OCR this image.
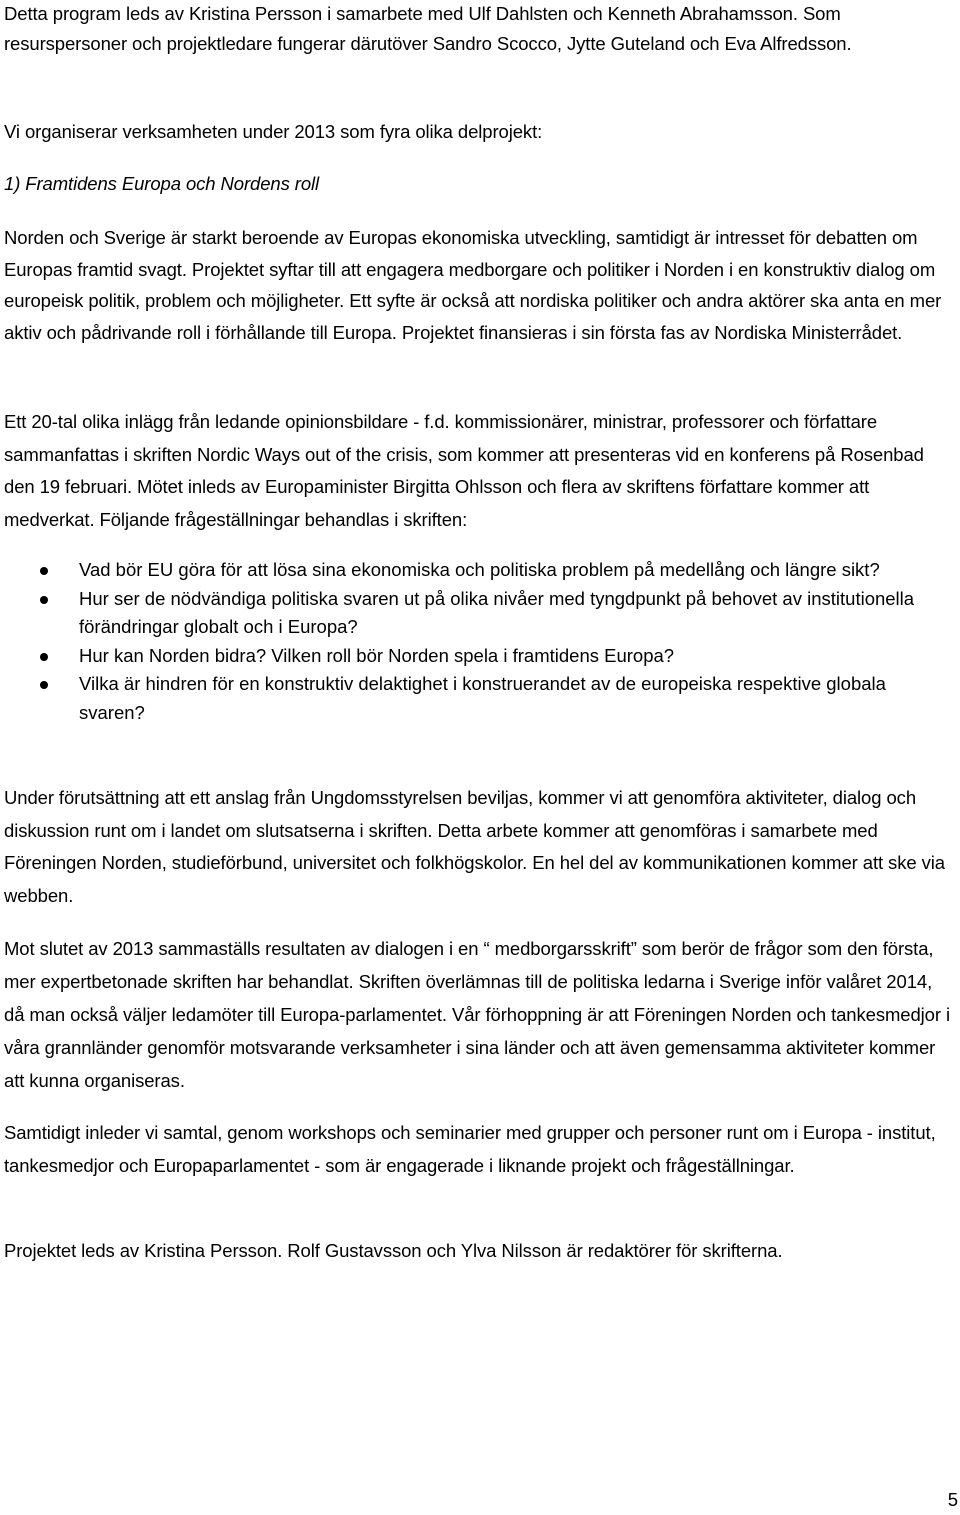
Detta program leds av Kristina Persson i samarbete med Ulf Dahlsten och Kenneth Abrahamsson. Som resurspersoner och projektledare fungerar därutöver Sandro Scocco, Jytte Guteland och Eva Alfredsson.

Vi organiserar verksamheten under 2013 som fyra olika delprojekt:

1) Framtidens Europa och Nordens roll

Norden och Sverige är starkt beroende av Europas ekonomiska utveckling, samtidigt är intresset för debatten om Europas framtid svagt. Projektet syftar till att engagera medborgare och politiker i Norden i en konstruktiv dialog om europeisk politik, problem och möjligheter. Ett syfte är också att nordiska politiker och andra aktörer ska anta en mer aktiv och pådrivande roll i förhållande till Europa. Projektet finansieras i sin första fas av Nordiska Ministerrådet.

Ett 20-tal olika inlägg från ledande opinionsbildare - f.d. kommissionärer, ministrar, professorer och författare sammanfattas i skriften Nordic Ways out of the crisis, som kommer att presenteras vid en konferens på Rosenbad den 19 februari. Mötet inleds av Europaminister Birgitta Ohlsson och flera av skriftens författare kommer att medverkat. Följande frågeställningar behandlas i skriften:

Vad bör EU göra för att lösa sina ekonomiska och politiska problem på medellång och längre sikt?
Hur ser de nödvändiga politiska svaren ut på olika nivåer med tyngdpunkt på behovet av institutionella förändringar globalt och i Europa?
Hur kan Norden bidra? Vilken roll bör Norden spela i framtidens Europa?
Vilka är hindren för en konstruktiv delaktighet i konstruerandet av de europeiska respektive globala svaren?

Under förutsättning att ett anslag från Ungdomsstyrelsen beviljas, kommer vi att genomföra aktiviteter, dialog och diskussion runt om i landet om slutsatserna i skriften. Detta arbete kommer att genomföras i samarbete med Föreningen Norden, studieförbund, universitet och folkhögskolor. En hel del av kommunikationen kommer att ske via webben.

Mot slutet av 2013 sammaställs resultaten av dialogen i en “ medborgarsskrift” som berör de frågor som den första, mer expertbetonade skriften har behandlat. Skriften överlämnas till de politiska ledarna i Sverige inför valåret 2014, då man också väljer ledamöter till Europa-parlamentet. Vår förhoppning är att Föreningen Norden och tankesmedjor i våra grannländer genomför motsvarande verksamheter i sina länder och att även gemensamma aktiviteter kommer att kunna organiseras.

Samtidigt inleder vi samtal, genom workshops och seminarier med grupper och personer runt om i Europa - institut, tankesmedjor och Europaparlamentet - som är engagerade i liknande projekt och frågeställningar.

Projektet leds av Kristina Persson. Rolf Gustavsson och Ylva Nilsson är redaktörer för skrifterna.

5
